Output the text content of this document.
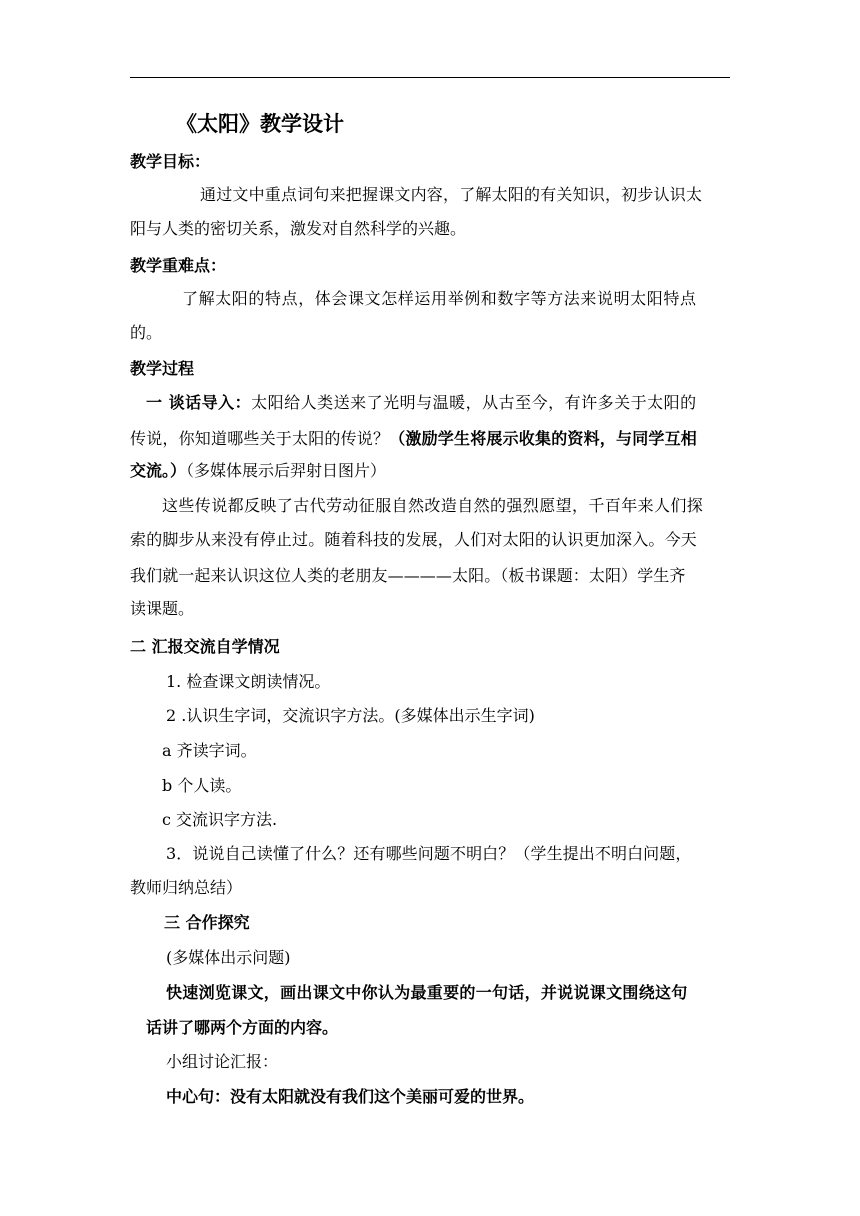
《太阳》教学设计
教学目标：
通过文中重点词句来把握课文内容，了解太阳的有关知识，初步认识太
阳与人类的密切关系，激发对自然科学的兴趣。
教学重难点：
了解太阳的特点，体会课文怎样运用举例和数字等方法来说明太阳特点
的。
教学过程
一 谈话导入：太阳给人类送来了光明与温暖，从古至今，有许多关于太阳的
传说，你知道哪些关于太阳的传说？（激励学生将展示收集的资料，与同学互相
交流。）（多媒体展示后羿射日图片）
这些传说都反映了古代劳动征服自然改造自然的强烈愿望，千百年来人们探
索的脚步从来没有停止过。随着科技的发展，人们对太阳的认识更加深入。今天
我们就一起来认识这位人类的老朋友————太阳。（板书课题：太阳）学生齐
读课题。
二 汇报交流自学情况
1. 检查课文朗读情况。
2 .认识生字词，交流识字方法。(多媒体出示生字词)
a 齐读字词。
b 个人读。
c 交流识字方法.
3．说说自己读懂了什么？还有哪些问题不明白？（学生提出不明白问题，
教师归纳总结）
三 合作探究
(多媒体出示问题)
快速浏览课文，画出课文中你认为最重要的一句话，并说说课文围绕这句
话讲了哪两个方面的内容。
小组讨论汇报：
中心句：没有太阳就没有我们这个美丽可爱的世界。
